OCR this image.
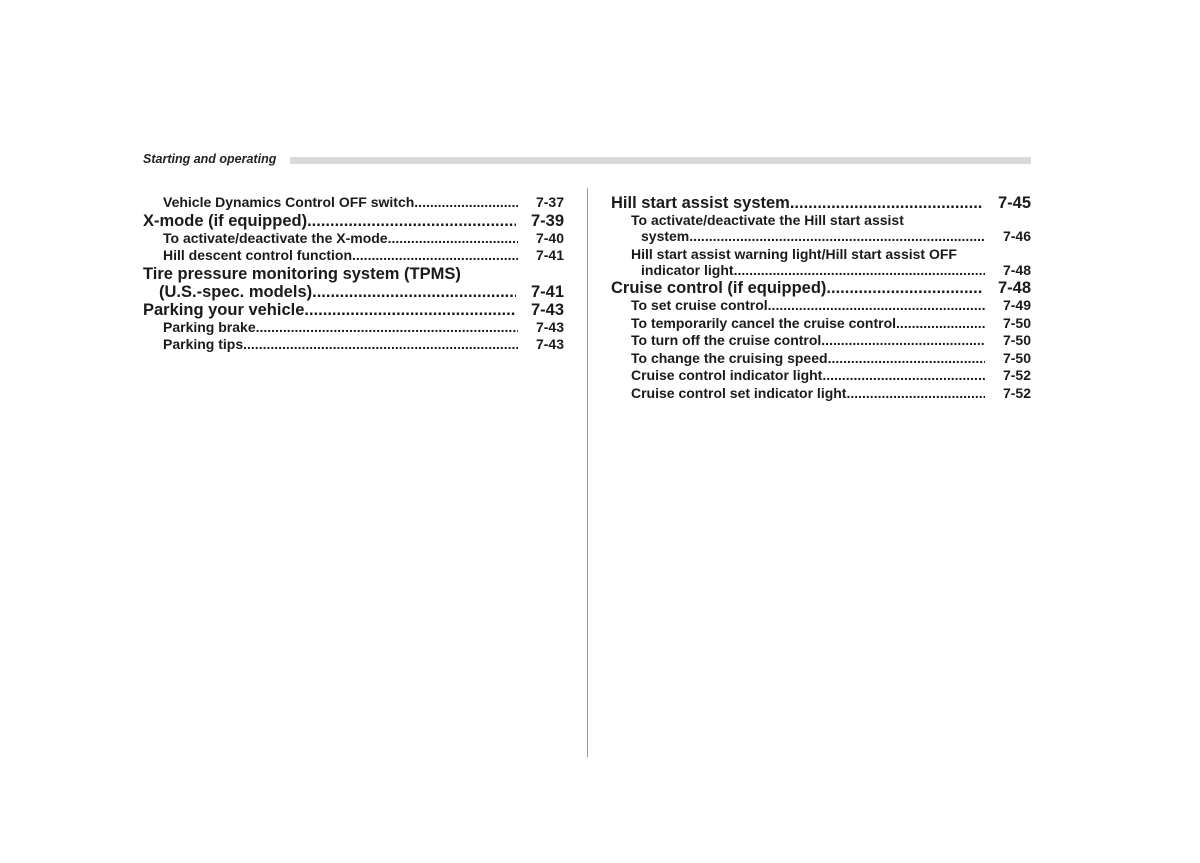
Starting and operating
Vehicle Dynamics Control OFF switch .....	7-37
X-mode (if equipped) .....	7-39
To activate/deactivate the X-mode .....	7-40
Hill descent control function .....	7-41
Tire pressure monitoring system (TPMS)
(U.S.-spec. models) .....	7-41
Parking your vehicle .....	7-43
Parking brake .....	7-43
Parking tips .....	7-43
Hill start assist system .....	7-45
To activate/deactivate the Hill start assist
system .....	7-46
Hill start assist warning light/Hill start assist OFF
indicator light .....	7-48
Cruise control (if equipped) .....	7-48
To set cruise control .....	7-49
To temporarily cancel the cruise control .....	7-50
To turn off the cruise control .....	7-50
To change the cruising speed .....	7-50
Cruise control indicator light .....	7-52
Cruise control set indicator light .....	7-52
